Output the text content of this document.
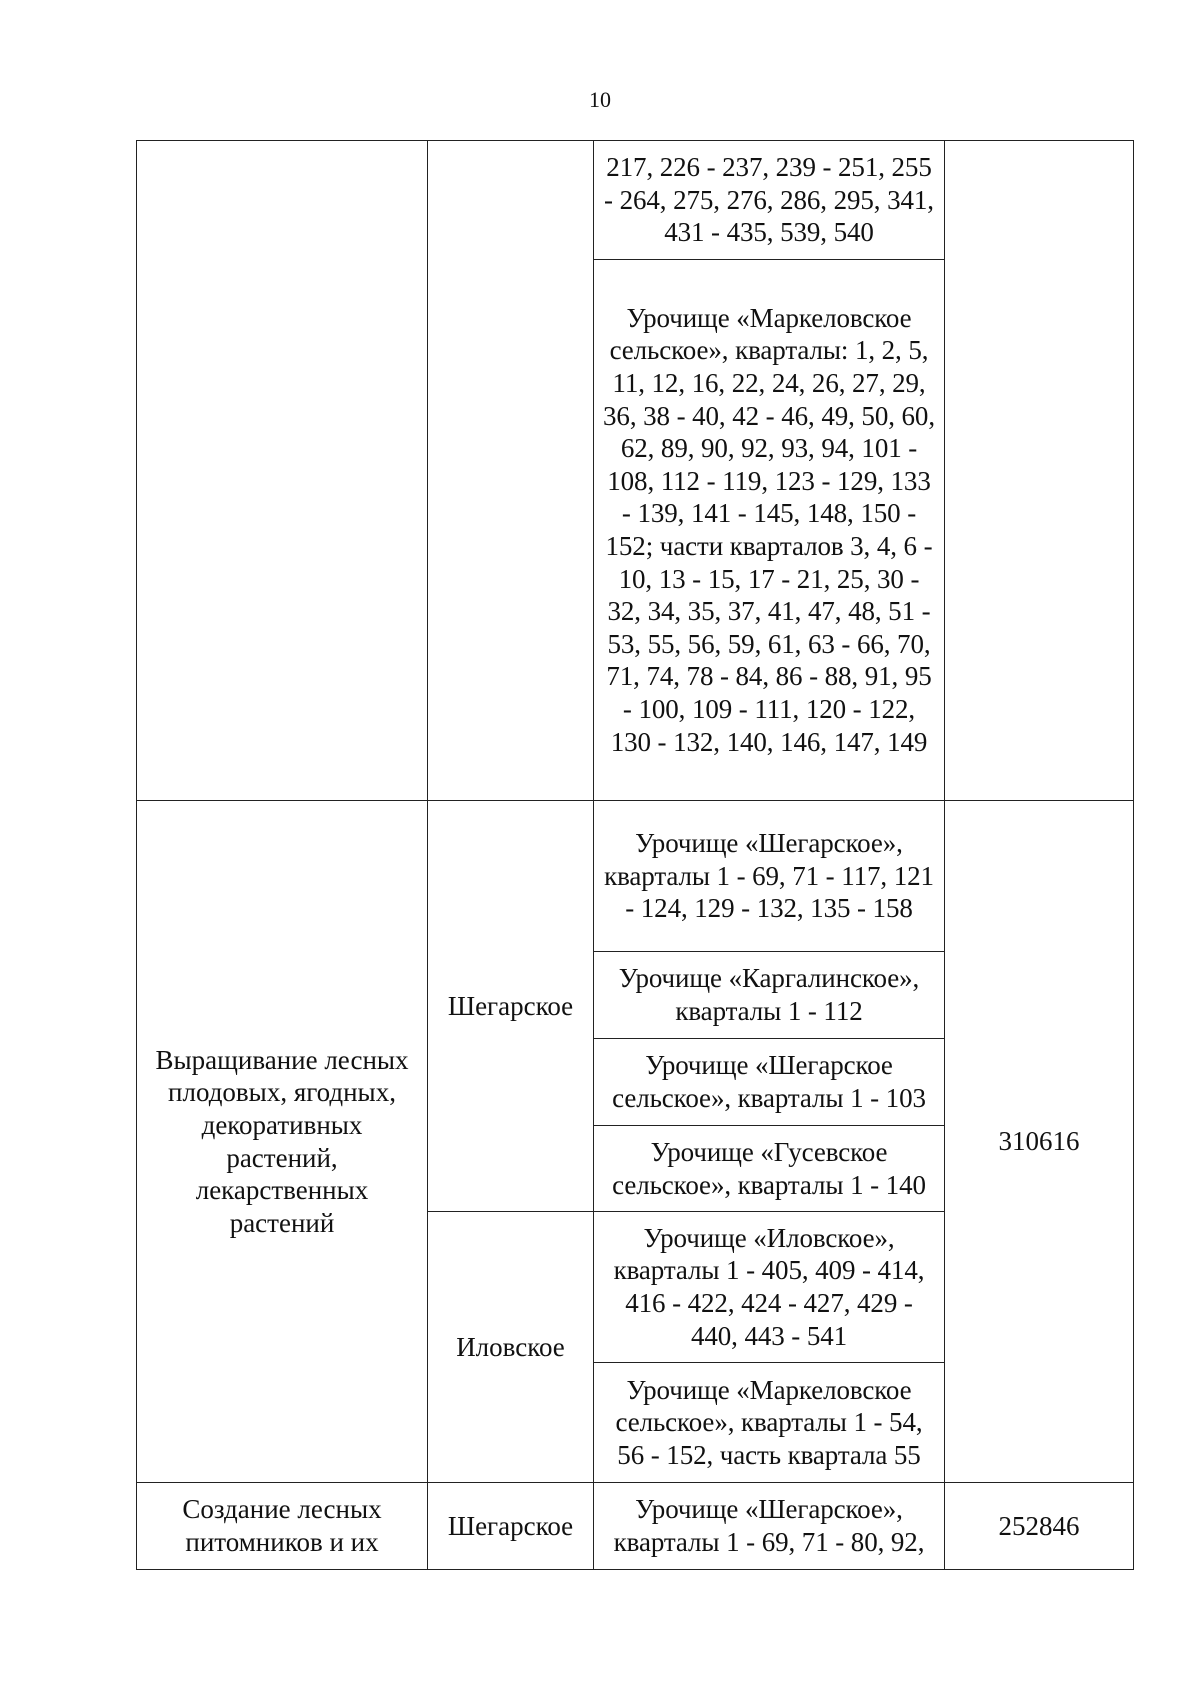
10
		217, 226 - 237, 239 - 251, 255 - 264, 275, 276, 286, 295, 341, 431 - 435, 539, 540	
		Урочище «Маркеловское сельское», кварталы: 1, 2, 5, 11, 12, 16, 22, 24, 26, 27, 29, 36, 38 - 40, 42 - 46, 49, 50, 60, 62, 89, 90, 92, 93, 94, 101 - 108, 112 - 119, 123 - 129, 133 - 139, 141 - 145, 148, 150 - 152; части кварталов 3, 4, 6 - 10, 13 - 15, 17 - 21, 25, 30 - 32, 34, 35, 37, 41, 47, 48, 51 - 53, 55, 56, 59, 61, 63 - 66, 70, 71, 74, 78 - 84, 86 - 88, 91, 95 - 100, 109 - 111, 120 - 122, 130 - 132, 140, 146, 147, 149	
Выращивание лесных плодовых, ягодных, декоративных растений, лекарственных растений	Шегарское	Урочище «Шегарское», кварталы 1 - 69, 71 - 117, 121 - 124, 129 - 132, 135 - 158	310616
		Урочище «Каргалинское», кварталы 1 - 112	
		Урочище «Шегарское сельское», кварталы 1 - 103	
		Урочище «Гусевское сельское», кварталы 1 - 140	
	Иловское	Урочище «Иловское», кварталы 1 - 405, 409 - 414, 416 - 422, 424 - 427, 429 - 440, 443 - 541	
		Урочище «Маркеловское сельское», кварталы 1 - 54, 56 - 152, часть квартала 55	
Создание лесных питомников и их	Шегарское	Урочище «Шегарское», кварталы 1 - 69, 71 - 80, 92,	252846
